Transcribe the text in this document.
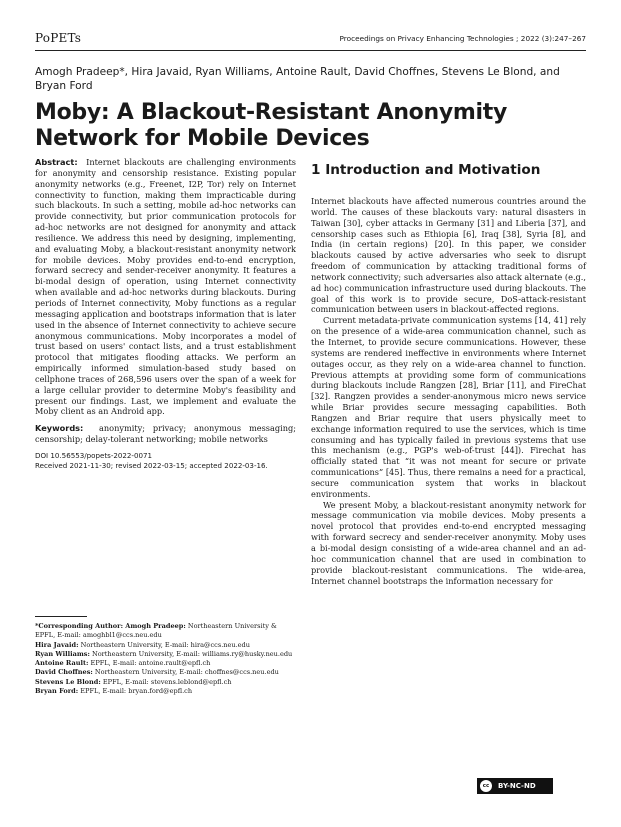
PoPETs	Proceedings on Privacy Enhancing Technologies ; 2022 (3):247–267
Amogh Pradeep*, Hira Javaid, Ryan Williams, Antoine Rault, David Choffnes, Stevens Le Blond, and Bryan Ford
Moby: A Blackout-Resistant Anonymity Network for Mobile Devices

Abstract: Internet blackouts are challenging environments for anonymity and censorship resistance. Existing popular anonymity networks (e.g., Freenet, I2P, Tor) rely on Internet connectivity to function, making them impracticable during such blackouts. In such a setting, mobile ad-hoc networks can provide connectivity, but prior communication protocols for ad-hoc networks are not designed for anonymity and attack resilience. We address this need by designing, implementing, and evaluating Moby, a blackout-resistant anonymity network for mobile devices. Moby provides end-to-end encryption, forward secrecy and sender-receiver anonymity. It features a bi-modal design of operation, using Internet connectivity when available and ad-hoc networks during blackouts. During periods of Internet connectivity, Moby functions as a regular messaging application and bootstraps information that is later used in the absence of Internet connectivity to achieve secure anonymous communications. Moby incorporates a model of trust based on users' contact lists, and a trust establishment protocol that mitigates flooding attacks. We perform an empirically informed simulation-based study based on cellphone traces of 268,596 users over the span of a week for a large cellular provider to determine Moby's feasibility and present our findings. Last, we implement and evaluate the Moby client as an Android app.

Keywords: anonymity; privacy; anonymous messaging; censorship; delay-tolerant networking; mobile networks

DOI 10.56553/popets-2022-0071
Received 2021-11-30; revised 2022-03-15; accepted 2022-03-16.

*Corresponding Author: Amogh Pradeep: Northeastern University & EPFL, E-mail: amoghbl1@ccs.neu.edu

Hira Javaid: Northeastern University, E-mail: hira@ccs.neu.edu

Ryan Williams: Northeastern University, E-mail: williams.ry@husky.neu.edu

Antoine Rault: EPFL, E-mail: antoine.rault@epfl.ch

David Choffnes: Northeastern University, E-mail: choffnes@ccs.neu.edu

Stevens Le Blond: EPFL, E-mail: stevens.leblond@epfl.ch

Bryan Ford: EPFL, E-mail: bryan.ford@epfl.ch

1 Introduction and Motivation

Internet blackouts have affected numerous countries around the world. The causes of these blackouts vary: natural disasters in Taiwan [30], cyber attacks in Germany [31] and Liberia [37], and censorship cases such as Ethiopia [6], Iraq [38], Syria [8], and India (in certain regions) [20]. In this paper, we consider blackouts caused by active adversaries who seek to disrupt freedom of communication by attacking traditional forms of network connectivity; such adversaries also attack alternate (e.g., ad hoc) communication infrastructure used during blackouts. The goal of this work is to provide secure, DoS-attack-resistant communication between users in blackout-affected regions.

Current metadata-private communication systems [14, 41] rely on the presence of a wide-area communication channel, such as the Internet, to provide secure communications. However, these systems are rendered ineffective in environments where Internet outages occur, as they rely on a wide-area channel to function. Previous attempts at providing some form of communications during blackouts include Rangzen [28], Briar [11], and FireChat [32]. Rangzen provides a sender-anonymous micro news service while Briar provides secure messaging capabilities. Both Rangzen and Briar require that users physically meet to exchange information required to use the services, which is time consuming and has typically failed in previous systems that use this mechanism (e.g., PGP's web-of-trust [44]). Firechat has officially stated that “it was not meant for secure or private communications” [45]. Thus, there remains a need for a practical, secure communication system that works in blackout environments.

We present Moby, a blackout-resistant anonymity network for message communication via mobile devices. Moby presents a novel protocol that provides end-to-end encrypted messaging with forward secrecy and sender-receiver anonymity. Moby uses a bi-modal design consisting of a wide-area channel and an ad-hoc communication channel that are used in combination to provide blackout-resistant communications. The wide-area, Internet channel bootstraps the information necessary for

cc	BY-NC-ND
